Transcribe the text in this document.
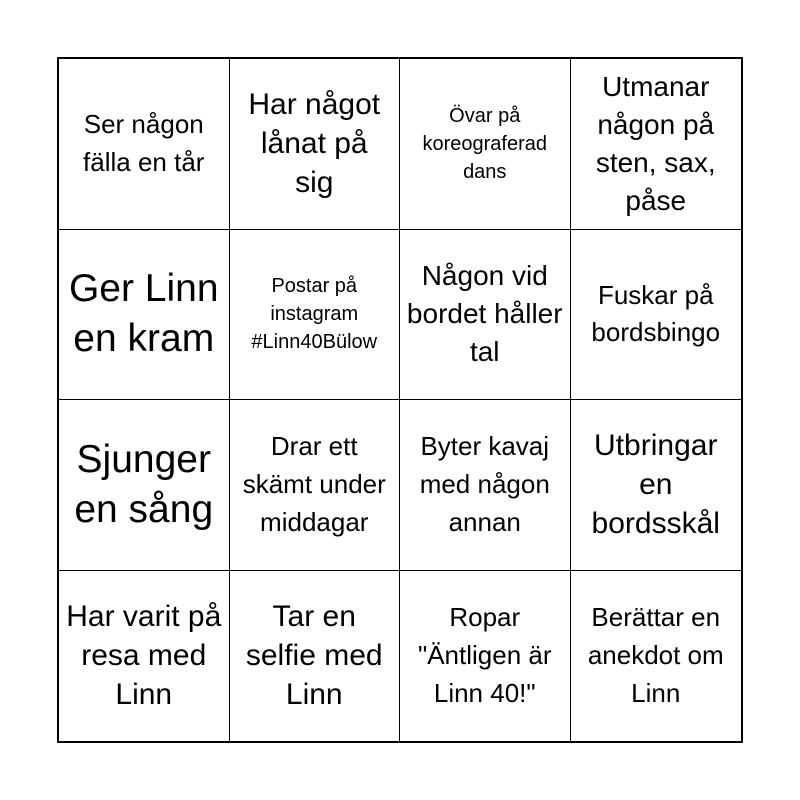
Ser någon fälla en tår
Har något lånat på sig
Övar på koreograferad dans
Utmanar någon på sten, sax, påse
Ger Linn en kram
Postar på instagram #Linn40Bülow
Någon vid bordet håller tal
Fuskar på bordsbingo
Sjunger en sång
Drar ett skämt under middagar
Byter kavaj med någon annan
Utbringar en bordsskål
Har varit på resa med Linn
Tar en selfie med Linn
Ropar "Äntligen är Linn 40!"
Berättar en anekdot om Linn
